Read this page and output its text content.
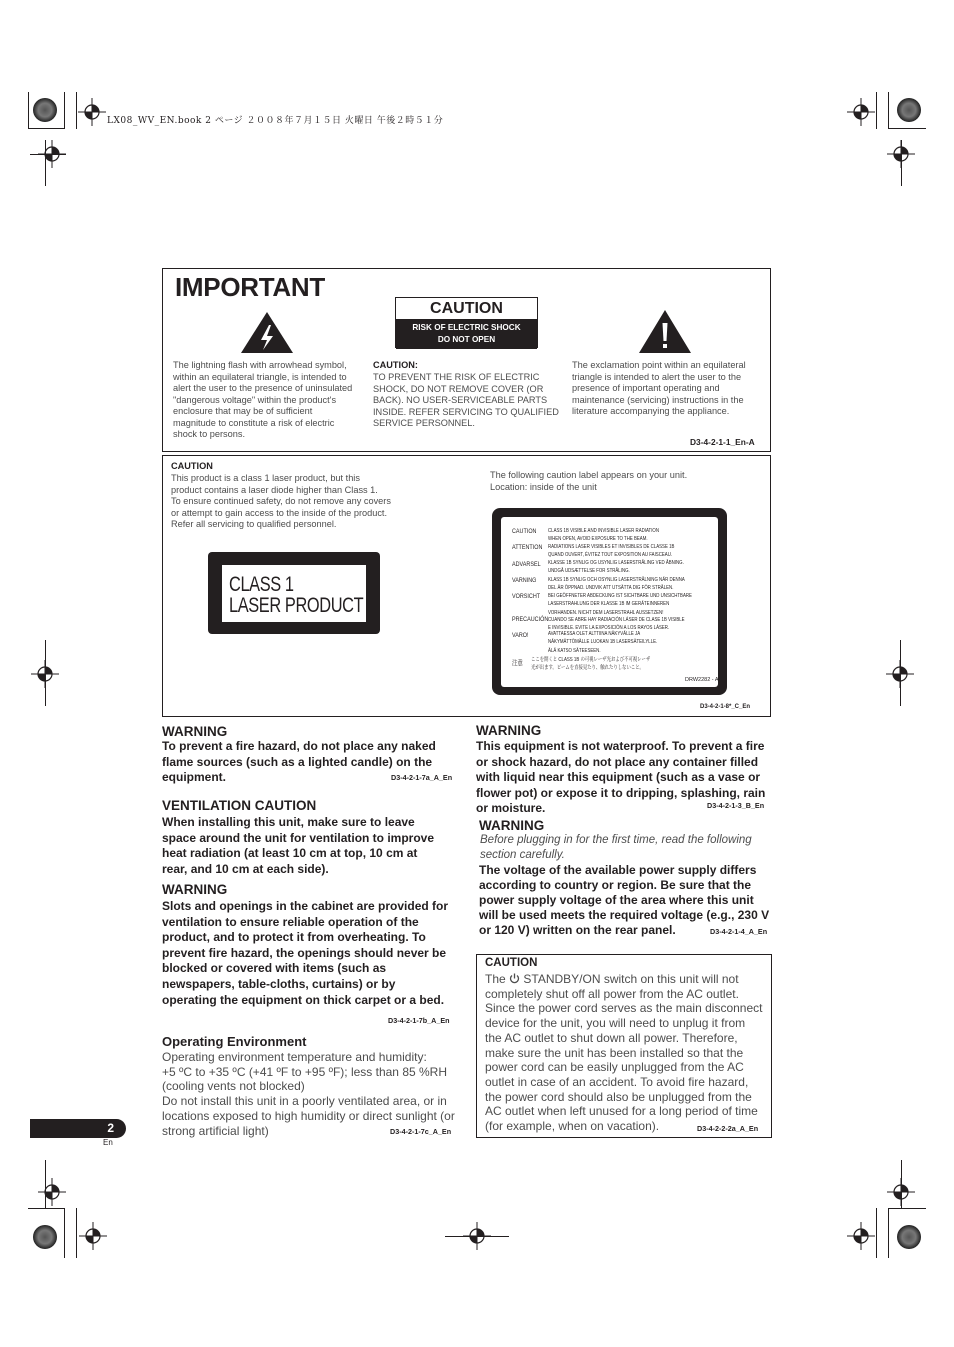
LX08_WV_EN.book 2 ページ ２００８年７月１５日 火曜日 午後２時５１分
IMPORTANT
The lightning flash with arrowhead symbol,
within an equilateral triangle, is intended to
alert the user to the presence of uninsulated
"dangerous voltage" within the product's
enclosure that may be of sufficient
magnitude to constitute a risk of electric
shock to persons.
CAUTION
RISK OF ELECTRIC SHOCK
DO NOT OPEN
CAUTION:
TO PREVENT THE RISK OF ELECTRIC
SHOCK, DO NOT REMOVE COVER (OR
BACK). NO USER-SERVICEABLE PARTS
INSIDE. REFER SERVICING TO QUALIFIED
SERVICE PERSONNEL.
The exclamation point within an equilateral
triangle is intended to alert the user to the
presence of important operating and
maintenance (servicing) instructions in the
literature accompanying the appliance.
D3-4-2-1-1_En-A
CAUTION
This product is a class 1 laser product, but this
product contains a laser diode higher than Class 1.
To ensure continued safety, do not remove any covers
or attempt to gain access to the inside of the product.
Refer all servicing to qualified personnel.
CLASS 1
LASER PRODUCT
The following caution label appears on your unit.
Location: inside of the unit
CAUTION CLASS 1B VISIBLE AND INVISIBLE LASER RADIATION
WHEN OPEN, AVOID EXPOSURE TO THE BEAM.
ATTENTION RADIATIONS LASER VISIBLES ET INVISIBLES DE CLASSE 1B
QUAND OUVERT, ÉVITEZ TOUT EXPOSITION AU FAISCEAU.
ADVARSEL KLASSE 1B SYNLIG OG USYNLIG LASERSTRÅLING VED ÅBNING.
UNDGÅ UDSÆTTELSE FOR STRÅLING.
VARNING KLASS 1B SYNLIG OCH OSYNLIG LASERSTRÅLNING NÄR DENNA
DEL ÄR ÖPPNAD. UNDVIK ATT UTSÄTTA DIG FÖR STRÅLEN.
VORSICHT BEI GEÖFFNETER ABDECKUNG IST SICHTBARE UND UNSICHTBARE
LASERSTRAHLUNG DER KLASSE 1B IM GERÄTEINNEREN
VORHANDEN. NICHT DEM LASERSTRAHL AUSSETZEN!
PRECAUCIÓN CUANDO SE ABRE HAY RADIACIÓN LÁSER DE CLASE 1B VISIBLE
E INVISIBLE. EVITE LA EXPOSICIÓN A LOS RAYOS LÁSER.
VARO!	AVATTAESSA OLET ALTTIINA NÄKYVÄLLE JA
NÄKYMÄTTÖMÄLLE LUOKAN 1B LASERSÄTEILYLLE.
ÄLÄ KATSO SÄTEESEEN.
注意 ここを開くと CLASS 1B の可視レーザ光および不可視レーザ
光が出ます。ビームを直接見たり、触れたりしないこと。
DRW2282 - A
D3-4-2-1-8*_C_En
WARNING
To prevent a fire hazard, do not place any naked
flame sources (such as a lighted candle) on the
equipment.	D3-4-2-1-7a_A_En
VENTILATION CAUTION
When installing this unit, make sure to leave
space around the unit for ventilation to improve
heat radiation (at least 10 cm at top, 10 cm at
rear, and 10 cm at each side).
WARNING
Slots and openings in the cabinet are provided for
ventilation to ensure reliable operation of the
product, and to protect it from overheating. To
prevent fire hazard, the openings should never be
blocked or covered with items (such as
newspapers, table-cloths, curtains) or by
operating the equipment on thick carpet or a bed.
D3-4-2-1-7b_A_En
Operating Environment
Operating environment temperature and humidity:
+5 ºC to +35 ºC (+41 ºF to +95 ºF); less than 85 %RH
(cooling vents not blocked)
Do not install this unit in a poorly ventilated area, or in
locations exposed to high humidity or direct sunlight (or
strong artificial light)	D3-4-2-1-7c_A_En
WARNING
This equipment is not waterproof. To prevent a fire
or shock hazard, do not place any container filled
with liquid near this equipment (such as a vase or
flower pot) or expose it to dripping, splashing, rain
or moisture.	D3-4-2-1-3_B_En
WARNING
Before plugging in for the first time, read the following
section carefully.
The voltage of the available power supply differs
according to country or region. Be sure that the
power supply voltage of the area where this unit
will be used meets the required voltage (e.g., 230 V
or 120 V) written on the rear panel.	D3-4-2-1-4_A_En
CAUTION
The STANDBY/ON switch on this unit will not
completely shut off all power from the AC outlet.
Since the power cord serves as the main disconnect
device for the unit, you will need to unplug it from
the AC outlet to shut down all power. Therefore,
make sure the unit has been installed so that the
power cord can be easily unplugged from the AC
outlet in case of an accident. To avoid fire hazard,
the power cord should also be unplugged from the
AC outlet when left unused for a long period of time
(for example, when on vacation).	D3-4-2-2-2a_A_En
2
En
